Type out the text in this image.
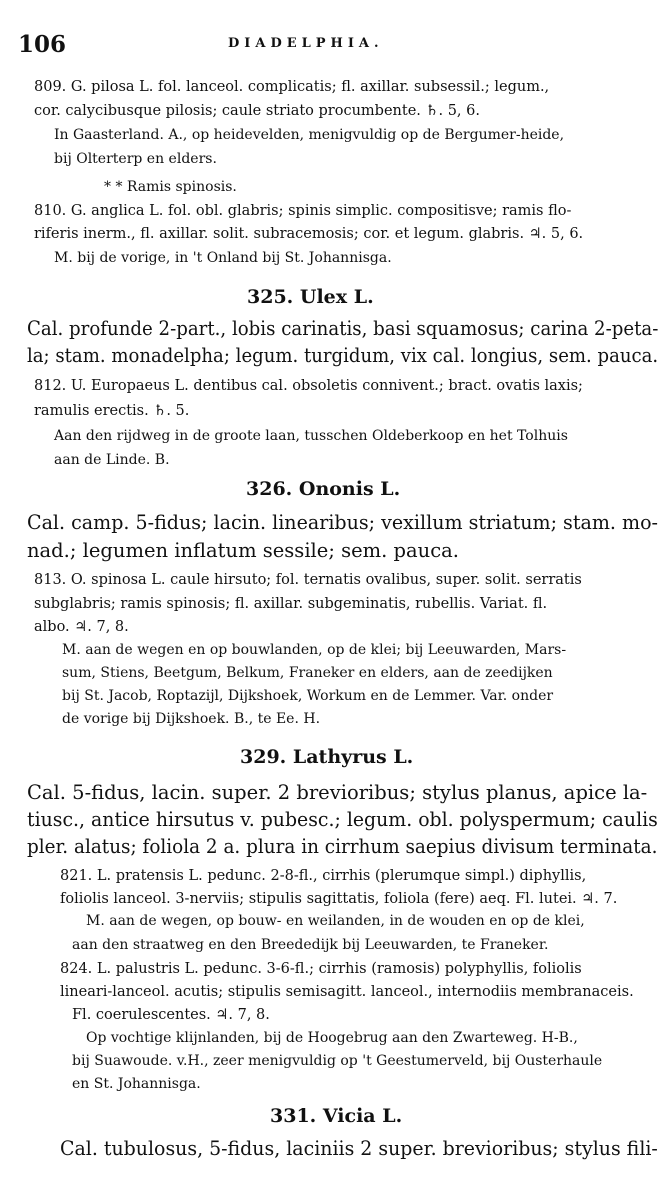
106	DIADELPHIA.
809. G. pilosa L. fol. lanceol. complicatis; fl. axillar. subsessil.; legum.,
cor. calycibusque pilosis; caule striato procumbente. ♄. 5, 6.
In Gaasterland. A., op heidevelden, menigvuldig op de Bergumer-heide,
bij Olterterp en elders.
* * Ramis spinosis.
810. G. anglica L. fol. obl. glabris; spinis simplic. compositisve; ramis flo-
riferis inerm., fl. axillar. solit. subracemosis; cor. et legum. glabris. ♃. 5, 6.
M. bij de vorige, in 't Onland bij St. Johannisga.
325. Ulex L.
Cal. profunde 2-part., lobis carinatis, basi squamosus; carina 2-peta-
la; stam. monadelpha; legum. turgidum, vix cal. longius, sem. pauca.
812. U. Europaeus L. dentibus cal. obsoletis connivent.; bract. ovatis laxis;
ramulis erectis. ♄. 5.
Aan den rijdweg in de groote laan, tusschen Oldeberkoop en het Tolhuis
aan de Linde. B.
326. Ononis L.
Cal. camp. 5-fidus; lacin. linearibus; vexillum striatum; stam. mo-
nad.; legumen inflatum sessile; sem. pauca.
813. O. spinosa L. caule hirsuto; fol. ternatis ovalibus, super. solit. serratis
subglabris; ramis spinosis; fl. axillar. subgeminatis, rubellis. Variat. fl.
albo. ♃. 7, 8.
M. aan de wegen en op bouwlanden, op de klei; bij Leeuwarden, Mars-
sum, Stiens, Beetgum, Belkum, Franeker en elders, aan de zeedijken
bij St. Jacob, Roptazijl, Dijkshoek, Workum en de Lemmer. Var. onder
de vorige bij Dijkshoek. B., te Ee. H.
329. Lathyrus L.
Cal. 5-fidus, lacin. super. 2 brevioribus; stylus planus, apice la-
tiusc., antice hirsutus v. pubesc.; legum. obl. polyspermum; caulis
pler. alatus; foliola 2 a. plura in cirrhum saepius divisum terminata.
821. L. pratensis L. pedunc. 2-8-fl., cirrhis (plerumque simpl.) diphyllis,
foliolis lanceol. 3-nerviis; stipulis sagittatis, foliola (fere) aeq. Fl. lutei. ♃. 7.
M. aan de wegen, op bouw- en weilanden, in de wouden en op de klei,
aan den straatweg en den Breededijk bij Leeuwarden, te Franeker.
824. L. palustris L. pedunc. 3-6-fl.; cirrhis (ramosis) polyphyllis, foliolis
lineari-lanceol. acutis; stipulis semisagitt. lanceol., internodiis membranaceis.
Fl. coerulescentes. ♃. 7, 8.
Op vochtige klijnlanden, bij de Hoogebrug aan den Zwarteweg. H-B.,
bij Suawoude. v.H., zeer menigvuldig op 't Geestumerveld, bij Ousterhaule
en St. Johannisga.
331. Vicia L.
Cal. tubulosus, 5-fidus, laciniis 2 super. brevioribus; stylus fili-
